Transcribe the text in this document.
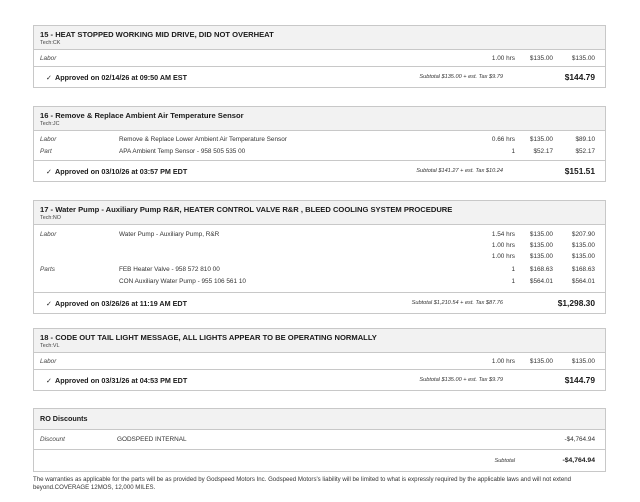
15 - HEAT STOPPED WORKING MID DRIVE, DID NOT OVERHEAT
Tech:CK
Labor	1.00 hrs $135.00	$135.00
✓ Approved on 02/14/26 at 09:50 AM EST	Subtotal $135.00 + est. Tax $9.79	$144.79
16 - Remove & Replace Ambient Air Temperature Sensor
Tech:JC
Labor	Remove & Replace Lower Ambient Air Temperature Sensor	0.66 hrs $135.00	$89.10
Part	APA Ambient Temp Sensor - 958 505 535 00	1	$52.17	$52.17
✓ Approved on 03/10/26 at 03:57 PM EDT	Subtotal $141.27 + est. Tax $10.24	$151.51
17 - Water Pump - Auxiliary Pump R&R, HEATER CONTROL VALVE R&R , BLEED COOLING SYSTEM PROCEDURE
Tech:NO
Labor	Water Pump - Auxiliary Pump, R&R	1.54 hrs $135.00	$207.90
1.00 hrs $135.00	$135.00
1.00 hrs $135.00	$135.00
Parts	FEB Heater Valve - 958 572 810 00	1 $168.63	$168.63
CON Auxiliary Water Pump - 955 106 561 10	1 $564.01	$564.01
✓ Approved on 03/26/26 at 11:19 AM EDT	Subtotal $1,210.54 + est. Tax $87.76	$1,298.30
18 - CODE OUT TAIL LIGHT MESSAGE, ALL LIGHTS APPEAR TO BE OPERATING NORMALLY
Tech:VL
Labor	1.00 hrs $135.00	$135.00
✓ Approved on 03/31/26 at 04:53 PM EDT	Subtotal $135.00 + est. Tax $9.79	$144.79
RO Discounts
Discount	GODSPEED INTERNAL	-$4,764.94
Subtotal	-$4,764.94
The warranties as applicable for the parts will be as provided by Godspeed Motors Inc. Godspeed Motors's liability will be limited to what is expressly required by the applicable laws and will not extend beyond.COVERAGE 12MOS, 12,000 MILES.
